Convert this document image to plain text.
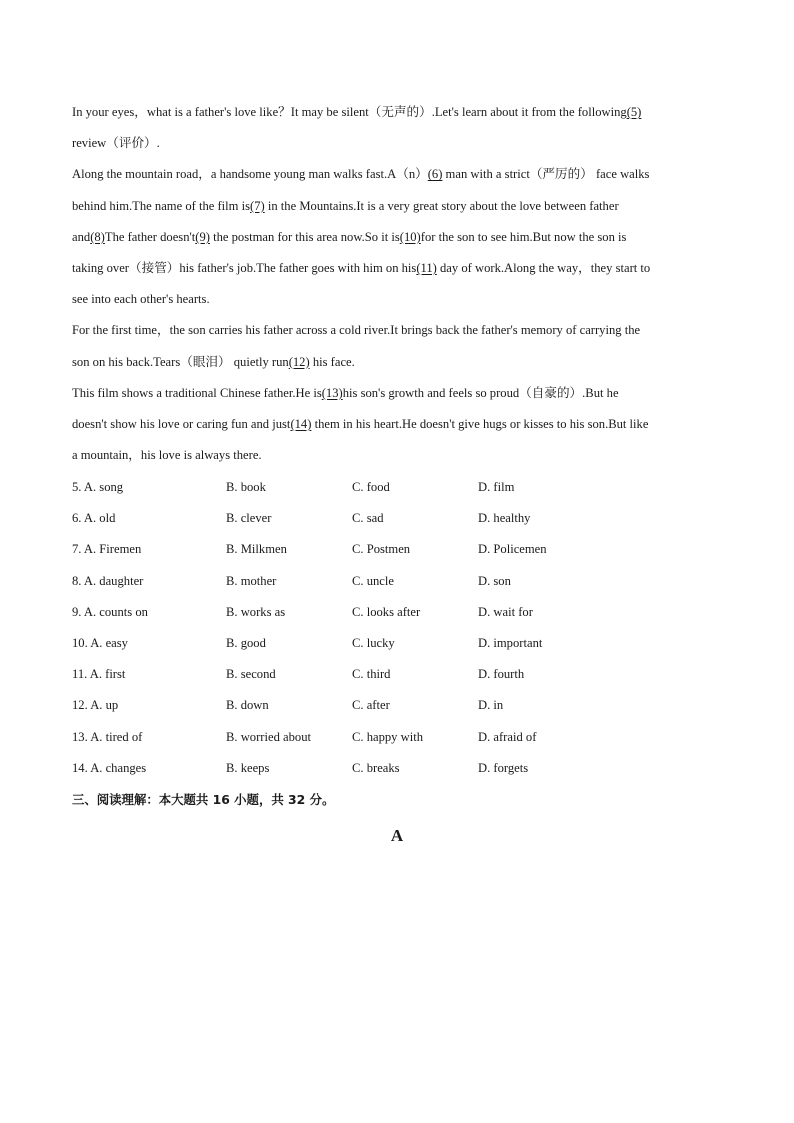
In your eyes，what is a father's love like？It may be silent（无声的）.Let's learn about it from the following(5)
review（评价）.
Along the mountain road，a handsome young man walks fast.A（n）(6) man with a strict（严厉的） face walks
behind him.The name of the film is(7) in the Mountains.It is a very great story about the love between father
and(8)The father doesn't(9) the postman for this area now.So it is(10)for the son to see him.But now the son is
taking over（接管）his father's job.The father goes with him on his(11) day of work.Along the way，they start to
see into each other's hearts.
For the first time，the son carries his father across a cold river.It brings back the father's memory of carrying the
son on his back.Tears（眼泪） quietly run(12) his face.
This film shows a traditional Chinese father.He is(13)his son's growth and feels so proud（自豪的）.But he
doesn't show his love or caring fun and just(14) them in his heart.He doesn't give hugs or kisses to his son.But like
a mountain，his love is always there.
5. A. song	B. book	C. food	D. film
6. A. old	B. clever	C. sad	D. healthy
7. A. Firemen	B. Milkmen	C. Postmen	D. Policemen
8. A. daughter	B. mother	C. uncle	D. son
9. A. counts on	B. works as	C. looks after	D. wait for
10. A. easy	B. good	C. lucky	D. important
11. A. first	B. second	C. third	D. fourth
12. A. up	B. down	C. after	D. in
13. A. tired of	B. worried about	C. happy with	D. afraid of
14. A. changes	B. keeps	C. breaks	D. forgets
三、阅读理解：本大题共 16 小题，共 32 分。
A
